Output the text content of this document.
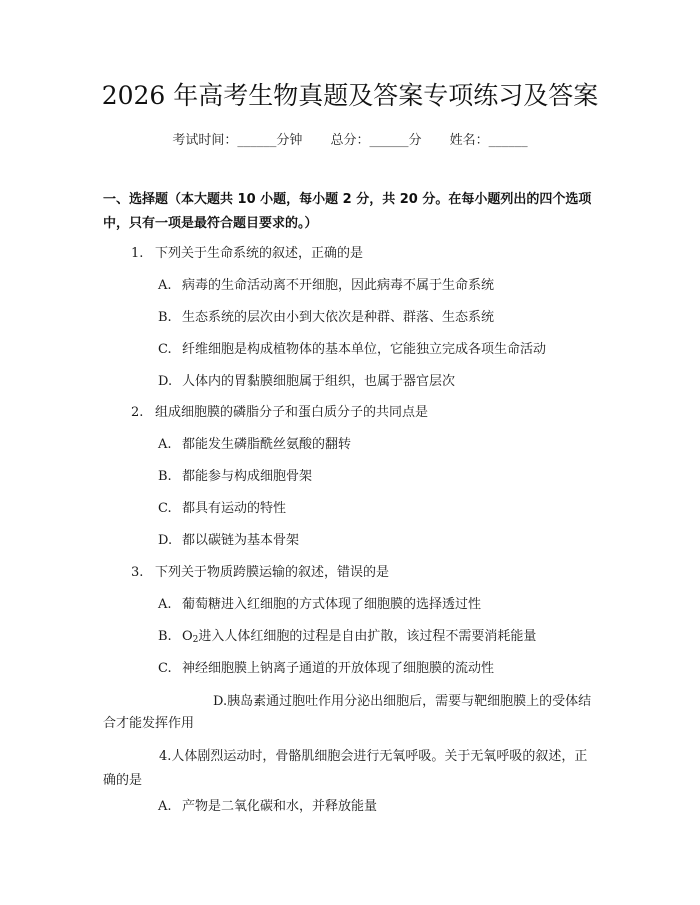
2026 年高考生物真题及答案专项练习及答案
考试时间：______分钟 总分：______分 姓名：______
一、选择题（本大题共 10 小题，每小题 2 分，共 20 分。在每小题列出的四个选项中，只有一项是最符合题目要求的。）
1. 下列关于生命系统的叙述，正确的是
A. 病毒的生命活动离不开细胞，因此病毒不属于生命系统
B. 生态系统的层次由小到大依次是种群、群落、生态系统
C. 纤维细胞是构成植物体的基本单位，它能独立完成各项生命活动
D. 人体内的胃黏膜细胞属于组织，也属于器官层次
2. 组成细胞膜的磷脂分子和蛋白质分子的共同点是
A. 都能发生磷脂酰丝氨酸的翻转
B. 都能参与构成细胞骨架
C. 都具有运动的特性
D. 都以碳链为基本骨架
3. 下列关于物质跨膜运输的叙述，错误的是
A. 葡萄糖进入红细胞的方式体现了细胞膜的选择透过性
B. $O_2$进入人体红细胞的过程是自由扩散，该过程不需要消耗能量
C. 神经细胞膜上钠离子通道的开放体现了细胞膜的流动性
D.胰岛素通过胞吐作用分泌出细胞后，需要与靶细胞膜上的受体结合才能发挥作用
4.人体剧烈运动时，骨骼肌细胞会进行无氧呼吸。关于无氧呼吸的叙述，正确的是
A. 产物是二氧化碳和水，并释放能量
